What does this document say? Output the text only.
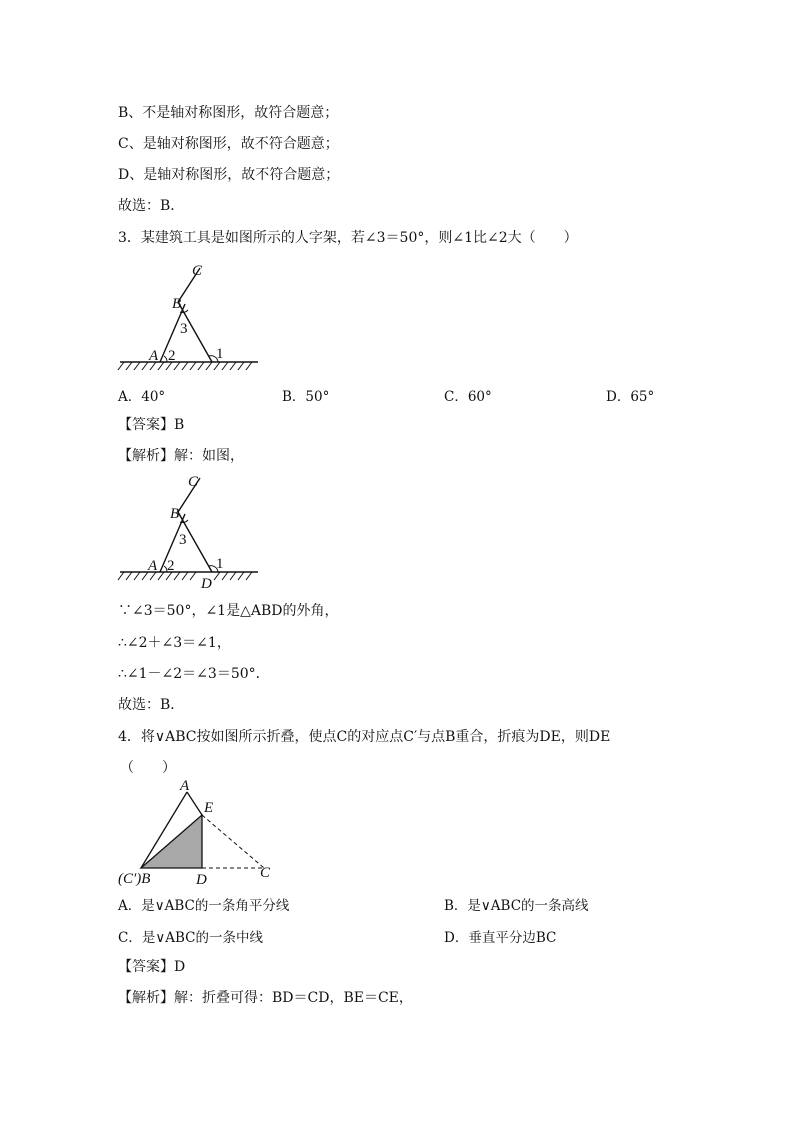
B、不是轴对称图形，故符合题意；
C、是轴对称图形，故不符合题意；
D、是轴对称图形，故不符合题意；
故选：B．
3．某建筑工具是如图所示的人字架，若∠3＝50°，则∠1比∠2大（　　）
C
B
3
A 2	1
A．40°	B．50°	C．60°	D．65°
【答案】B
【解析】解：如图，
C
B
3
A 2	1
D
∵∠3＝50°，∠1是△ABD的外角，
∴∠2＋∠3＝∠1，
∴∠1－∠2＝∠3＝50°．
故选：B．
4．将∨ABC按如图所示折叠，使点C的对应点C′与点B重合，折痕为DE，则DE
（　　）
A
E
(C′)B	D	C
A．是∨ABC的一条角平分线	B．是∨ABC的一条高线
C．是∨ABC的一条中线	D．垂直平分边BC
【答案】D
【解析】解：折叠可得：BD＝CD，BE＝CE，
